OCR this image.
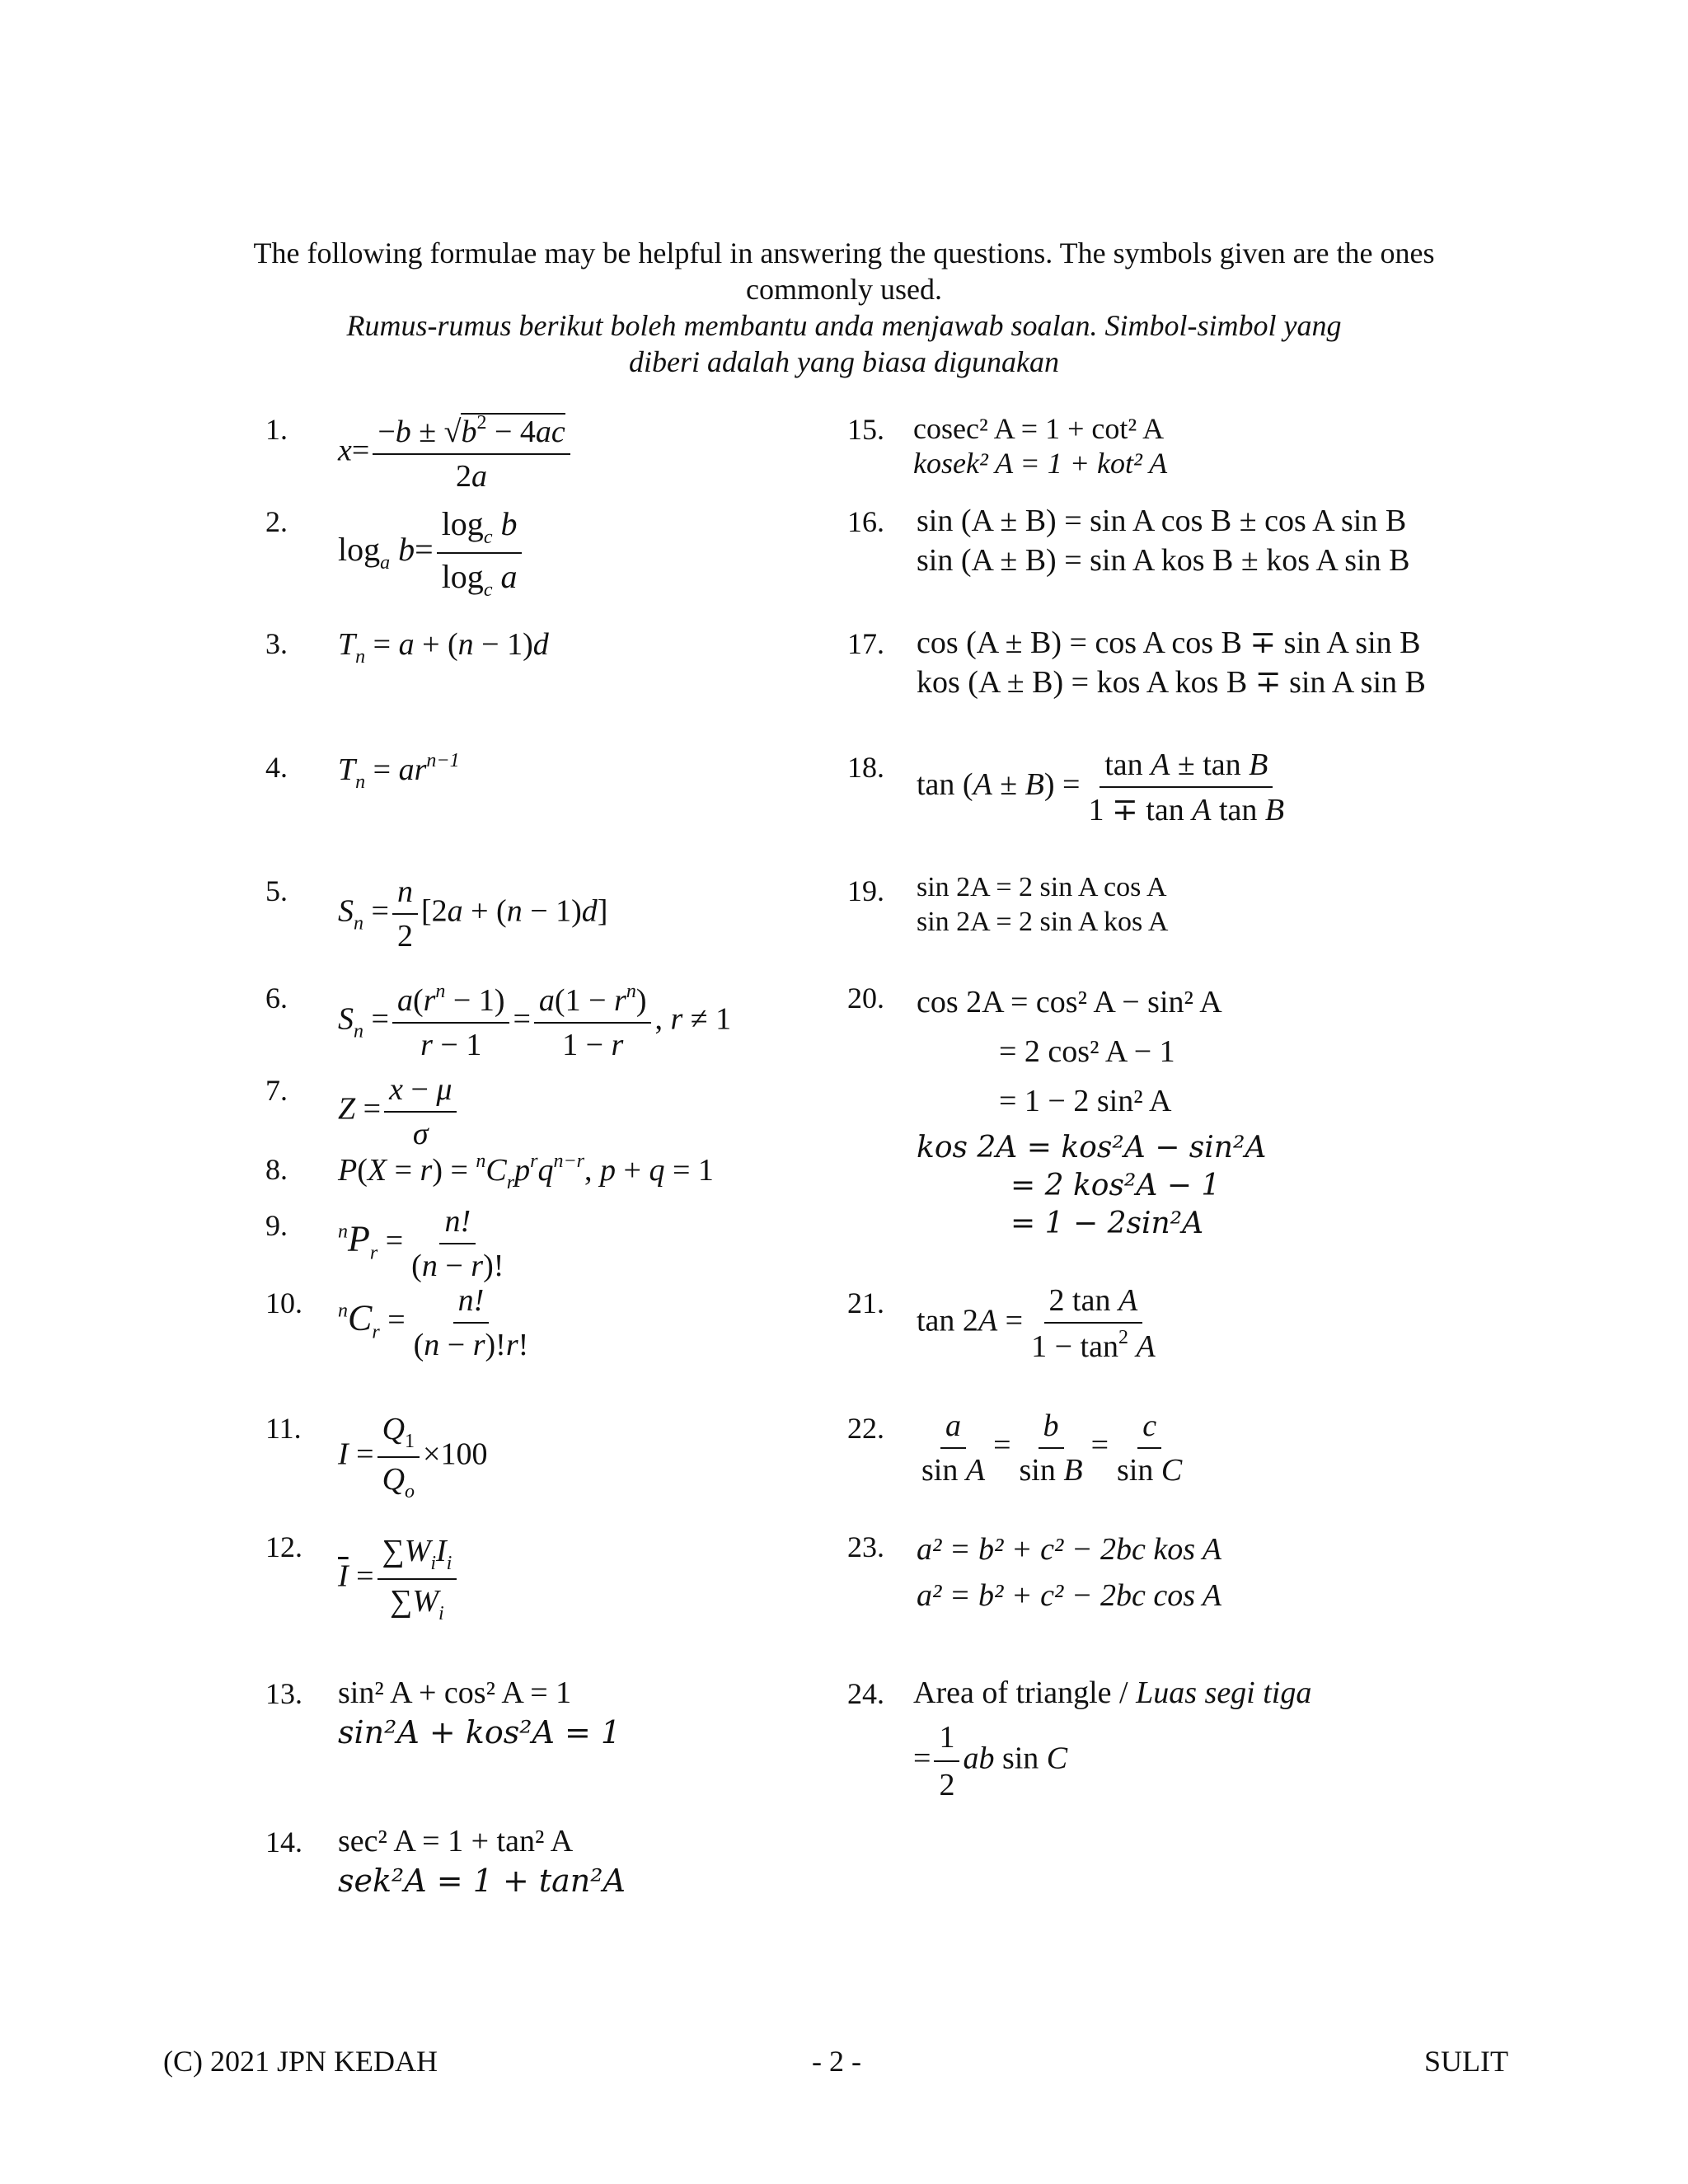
The following formulae may be helpful in answering the questions. The symbols given are the ones
commonly used.
Rumus-rumus berikut boleh membantu anda menjawab soalan. Simbol-simbol yang
diberi adalah yang biasa digunakan
1.
2.
3.
4.
5.
6.
7.
8.
9.
10.
11.
12.
13.
14.
15.
16.
17.
18.
19.
20.
21.
22.
23.
24.
$x= \frac{-b \pm √b^2 - 4ac}{2a}$
$\log_a b= \frac{\log_c b}{\log_c a}$
$T_n = a + (n - 1)d$
$T_n = ar^{n-1}$
$S_n = \frac{n}{2} [2a + (n - 1)d]$
$S_n = \frac{a(r^n - 1)}{r - 1} = \frac{a(1 - r^n)}{1 - r}$ , r ≠ 1
$Z = \frac{x - \mu}{\sigma}$
$P(X = r) = ^nC_rp^rq^{n-r}$, p + q = 1
$^nP_r = \frac{n!}{(n - r)!}$
$^nC_r = \frac{n!}{(n - r)!r!}$
$I = \frac{Q_1}{Q_o} \times 100$
$\overline{I} = \frac{\sum W_iI_i}{\sum W_i}$
sin² A + cos² A = 1
sin²A + kos²A = 1
sec² A = 1 + tan² A
sek²A = 1 + tan²A
cosec² A = 1 + cot² A
kosek² A = 1 + kot² A
sin (A ± B) = sin A cos B ± cos A sin B
sin (A ± B) = sin A kos B ± kos A sin B
cos (A ± B) = cos A cos B ∓ sin A sin B
kos (A ± B) = kos A kos B ∓ sin A sin B
$\tan (A \pm B) = \frac{\text{tan A ± tan B}}{\text{1 ∓ tan A tan B}}$
sin 2A = 2 sin A cos A
sin 2A = 2 sin A kos A
cos 2A = cos² A − sin² A
= 2 cos² A − 1
= 1 − 2 sin² A
kos 2A = kos²A − sin²A
= 2 kos²A − 1
= 1 − 2sin²A
$\tan 2A = \frac{\text{2 tan A}}{1 - \tan^2 A}$
$\frac{a}{\text{sin A}} = \frac{b}{\text{sin B}} = \frac{c}{\text{sin C}}$
a² = b² + c² − 2bc kos A
a² = b² + c² − 2bc cos A
Area of triangle / Luas segi tiga
= $\frac{1}{2}$ ab sin C
(C) 2021 JPN KEDAH	- 2 -	SULIT
